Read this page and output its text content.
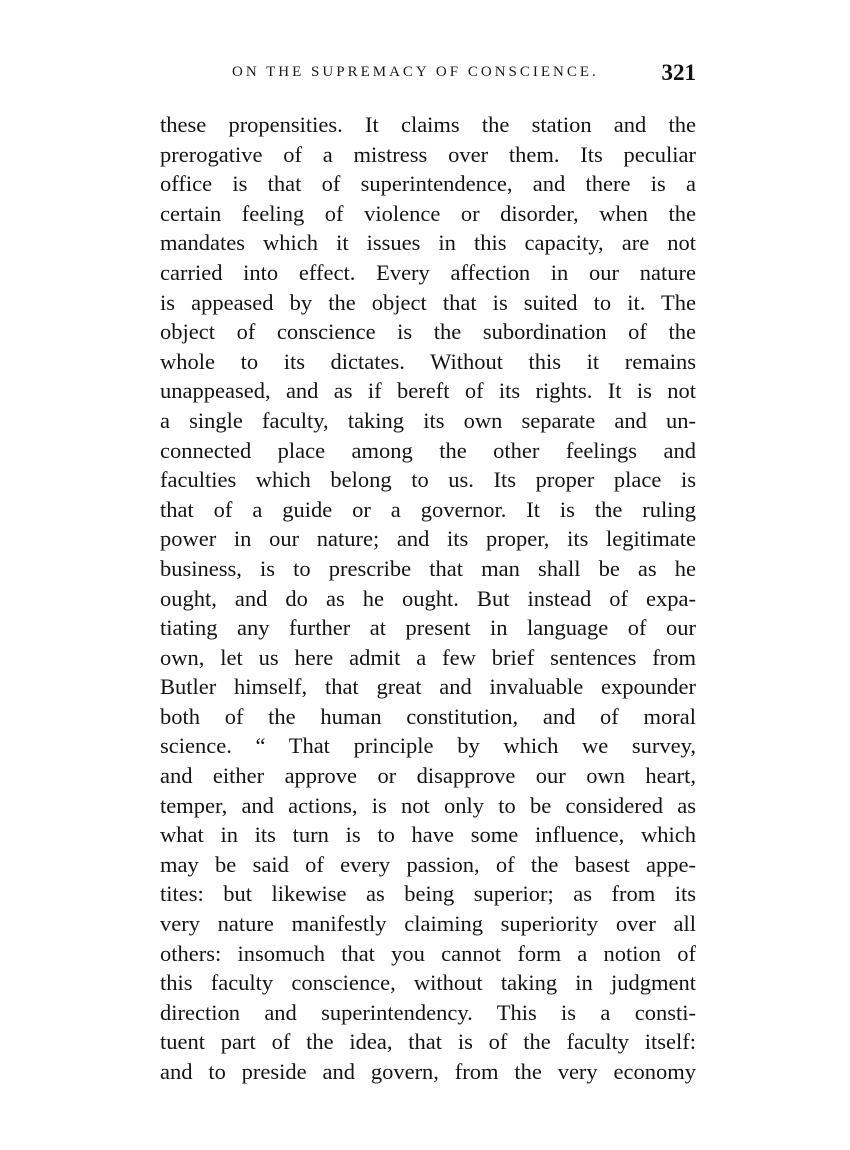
ON THE SUPREMACY OF CONSCIENCE.	321
these propensities. It claims the station and the
prerogative of a mistress over them. Its peculiar
office is that of superintendence, and there is a
certain feeling of violence or disorder, when the
mandates which it issues in this capacity, are not
carried into effect. Every affection in our nature
is appeased by the object that is suited to it. The
object of conscience is the subordination of the
whole to its dictates. Without this it remains
unappeased, and as if bereft of its rights. It is not
a single faculty, taking its own separate and un-
connected place among the other feelings and
faculties which belong to us. Its proper place is
that of a guide or a governor. It is the ruling
power in our nature; and its proper, its legitimate
business, is to prescribe that man shall be as he
ought, and do as he ought. But instead of expa-
tiating any further at present in language of our
own, let us here admit a few brief sentences from
Butler himself, that great and invaluable expounder
both of the human constitution, and of moral
science. “ That principle by which we survey,
and either approve or disapprove our own heart,
temper, and actions, is not only to be considered as
what in its turn is to have some influence, which
may be said of every passion, of the basest appe-
tites: but likewise as being superior; as from its
very nature manifestly claiming superiority over all
others: insomuch that you cannot form a notion of
this faculty conscience, without taking in judgment
direction and superintendency. This is a consti-
tuent part of the idea, that is of the faculty itself:
and to preside and govern, from the very economy
